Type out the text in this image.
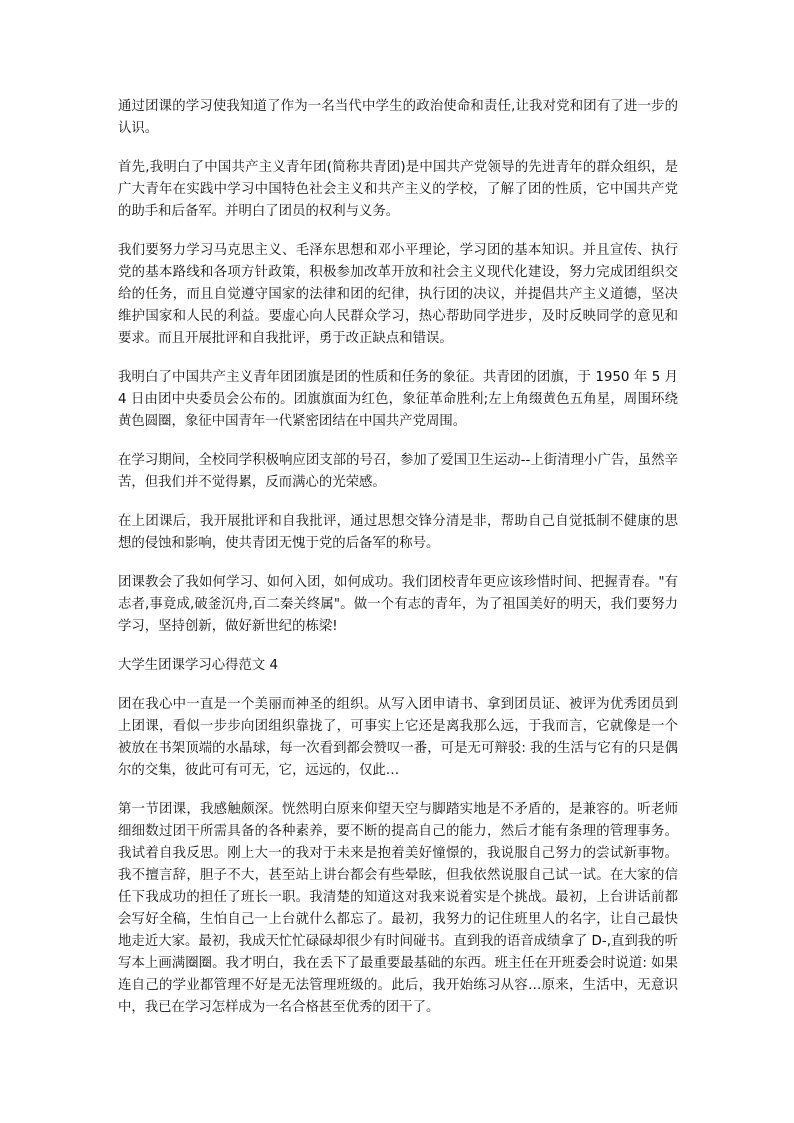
通过团课的学习使我知道了作为一名当代中学生的政治使命和责任,让我对党和团有了进一步的认识。

首先,我明白了中国共产主义青年团(简称共青团)是中国共产党领导的先进青年的群众组织，是广大青年在实践中学习中国特色社会主义和共产主义的学校，了解了团的性质，它中国共产党的助手和后备军。并明白了团员的权利与义务。

我们要努力学习马克思主义、毛泽东思想和邓小平理论，学习团的基本知识。并且宣传、执行党的基本路线和各项方针政策，积极参加改革开放和社会主义现代化建设，努力完成团组织交给的任务，而且自觉遵守国家的法律和团的纪律，执行团的决议，并提倡共产主义道德，坚决维护国家和人民的利益。要虚心向人民群众学习，热心帮助同学进步，及时反映同学的意见和要求。而且开展批评和自我批评，勇于改正缺点和错误。

我明白了中国共产主义青年团团旗是团的性质和任务的象征。共青团的团旗，于 1950 年 5 月 4 日由团中央委员会公布的。团旗旗面为红色，象征革命胜利;左上角缀黄色五角星，周围环绕黄色圆圈，象征中国青年一代紧密团结在中国共产党周围。

在学习期间，全校同学积极响应团支部的号召，参加了爱国卫生运动--上街清理小广告，虽然辛苦，但我们并不觉得累，反而满心的光荣感。

在上团课后，我开展批评和自我批评，通过思想交锋分清是非，帮助自己自觉抵制不健康的思想的侵蚀和影响，使共青团无愧于党的后备军的称号。

团课教会了我如何学习、如何入团，如何成功。我们团校青年更应该珍惜时间、把握青春。"有志者,事竟成,破釜沉舟,百二秦关终属"。做一个有志的青年，为了祖国美好的明天，我们要努力学习，坚持创新，做好新世纪的栋梁!

大学生团课学习心得范文 4

团在我心中一直是一个美丽而神圣的组织。从写入团申请书、拿到团员证、被评为优秀团员到上团课，看似一步步向团组织靠拢了，可事实上它还是离我那么远，于我而言，它就像是一个被放在书架顶端的水晶球，每一次看到都会赞叹一番，可是无可辩驳: 我的生活与它有的只是偶尔的交集，彼此可有可无，它，远远的，仅此…

第一节团课，我感触颇深。恍然明白原来仰望天空与脚踏实地是不矛盾的，是兼容的。听老师细细数过团干所需具备的各种素养，要不断的提高自己的能力，然后才能有条理的管理事务。我试着自我反思。刚上大一的我对于未来是抱着美好憧憬的，我说服自己努力的尝试新事物。我不擅言辞，胆子不大，甚至站上讲台都会有些晕眩，但我依然说服自己试一试。在大家的信任下我成功的担任了班长一职。我清楚的知道这对我来说着实是个挑战。最初，上台讲话前都会写好全稿，生怕自己一上台就什么都忘了。最初，我努力的记住班里人的名字，让自己最快地走近大家。最初，我成天忙忙碌碌却很少有时间碰书。直到我的语音成绩拿了 D-,直到我的听写本上画满圈圈。我才明白，我在丢下了最重要最基础的东西。班主任在开班委会时说道: 如果连自己的学业都管理不好是无法管理班级的。此后，我开始练习从容…原来，生活中，无意识中，我已在学习怎样成为一名合格甚至优秀的团干了。
